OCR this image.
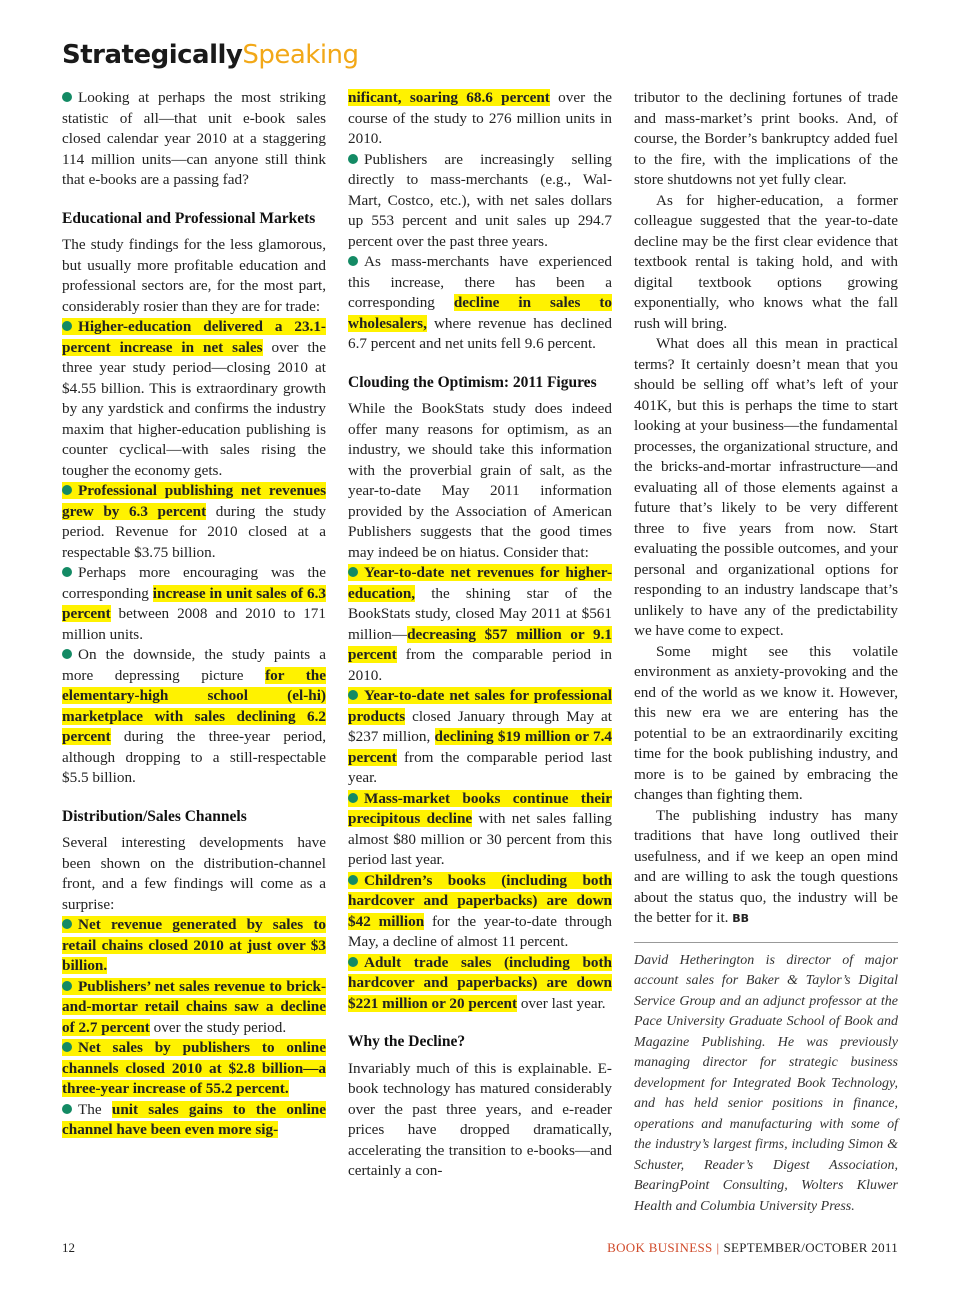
StrategicallySpeaking

Looking at perhaps the most striking statistic of all—that unit e-book sales closed calendar year 2010 at a staggering 114 million units—can anyone still think that e-books are a passing fad?

Educational and Professional Markets

The study findings for the less glamorous, but usually more profitable education and professional sectors are, for the most part, considerably rosier than they are for trade:

Higher-education delivered a 23.1-percent increase in net sales over the three year study period—closing 2010 at $4.55 billion. This is extraordinary growth by any yardstick and confirms the industry maxim that higher-education publishing is counter cyclical—with sales rising the tougher the economy gets.

Professional publishing net revenues grew by 6.3 percent during the study period. Revenue for 2010 closed at a respectable $3.75 billion.

Perhaps more encouraging was the corresponding increase in unit sales of 6.3 percent between 2008 and 2010 to 171 million units.

On the downside, the study paints a more depressing picture for the elementary-high school (el-hi) marketplace with sales declining 6.2 percent during the three-year period, although dropping to a still-respectable $5.5 billion.

Distribution/Sales Channels

Several interesting developments have been shown on the distribution-channel front, and a few findings will come as a surprise:

Net revenue generated by sales to retail chains closed 2010 at just over $3 billion.

Publishers’ net sales revenue to brick-and-mortar retail chains saw a decline of 2.7 percent over the study period.

Net sales by publishers to online channels closed 2010 at $2.8 billion—a three-year increase of 55.2 percent.

The unit sales gains to the online channel have been even more sig-

nificant, soaring 68.6 percent over the course of the study to 276 million units in 2010.

Publishers are increasingly selling directly to mass-merchants (e.g., Wal-Mart, Costco, etc.), with net sales dollars up 553 percent and unit sales up 294.7 percent over the past three years.

As mass-merchants have experienced this increase, there has been a corresponding decline in sales to wholesalers, where revenue has declined 6.7 percent and net units fell 9.6 percent.

Clouding the Optimism: 2011 Figures

While the BookStats study does indeed offer many reasons for optimism, as an industry, we should take this information with the proverbial grain of salt, as the year-to-date May 2011 information provided by the Association of American Publishers suggests that the good times may indeed be on hiatus. Consider that:

Year-to-date net revenues for higher-education, the shining star of the BookStats study, closed May 2011 at $561 million—decreasing $57 million or 9.1 percent from the comparable period in 2010.

Year-to-date net sales for professional products closed January through May at $237 million, declining $19 million or 7.4 percent from the comparable period last year.

Mass-market books continue their precipitous decline with net sales falling almost $80 million or 30 percent from this period last year.

Children’s books (including both hardcover and paperbacks) are down $42 million for the year-to-date through May, a decline of almost 11 percent.

Adult trade sales (including both hardcover and paperbacks) are down $221 million or 20 percent over last year.

Why the Decline?

Invariably much of this is explainable. E-book technology has matured considerably over the past three years, and e-reader prices have dropped dramatically, accelerating the transition to e-books—and certainly a con-

tributor to the declining fortunes of trade and mass-market’s print books. And, of course, the Border’s bankruptcy added fuel to the fire, with the implications of the store shutdowns not yet fully clear.

As for higher-education, a former colleague suggested that the year-to-date decline may be the first clear evidence that textbook rental is taking hold, and with digital textbook options growing exponentially, who knows what the fall rush will bring.

What does all this mean in practical terms? It certainly doesn’t mean that you should be selling off what’s left of your 401K, but this is perhaps the time to start looking at your business—the fundamental processes, the organizational structure, and the bricks-and-mortar infrastructure—and evaluating all of those elements against a future that’s likely to be very different three to five years from now. Start evaluating the possible outcomes, and your personal and organizational options for responding to an industry landscape that’s unlikely to have any of the predictability we have come to expect.

Some might see this volatile environment as anxiety-provoking and the end of the world as we know it. However, this new era we are entering has the potential to be an extraordinarily exciting time for the book publishing industry, and more is to be gained by embracing the changes than fighting them.

The publishing industry has many traditions that have long outlived their usefulness, and if we keep an open mind and are willing to ask the tough questions about the status quo, the industry will be the better for it. BB

David Hetherington is director of major account sales for Baker & Taylor’s Digital Service Group and an adjunct professor at the Pace University Graduate School of Book and Magazine Publishing. He was previously managing director for strategic business development for Integrated Book Technology, and has held senior positions in finance, operations and manufacturing with some of the industry’s largest firms, including Simon & Schuster, Reader’s Digest Association, BearingPoint Consulting, Wolters Kluwer Health and Columbia University Press.

12	BOOK BUSINESS | SEPTEMBER/OCTOBER 2011
